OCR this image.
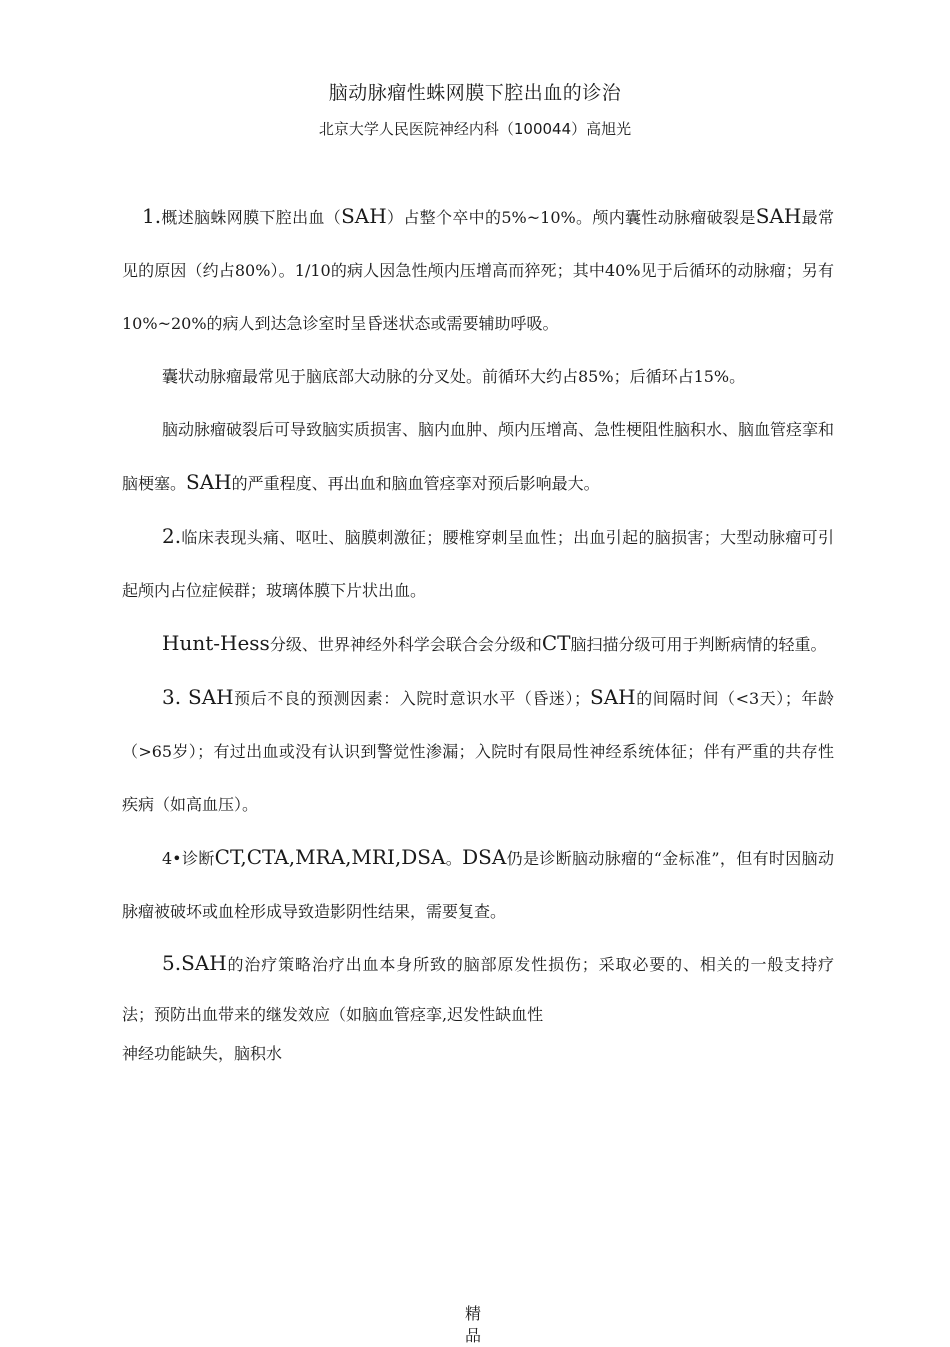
脑动脉瘤性蛛网膜下腔出血的诊治
北京大学人民医院神经内科（100044）高旭光

1.概述脑蛛网膜下腔出血（SAH）占整个卒中的5%~10%。颅内囊性动脉瘤破裂是SAH最常见的原因（约占80%）。1/10的病人因急性颅内压增高而猝死；其中40%见于后循环的动脉瘤；另有10%~20%的病人到达急诊室时呈昏迷状态或需要辅助呼吸。

囊状动脉瘤最常见于脑底部大动脉的分叉处。前循环大约占85%；后循环占15%。

脑动脉瘤破裂后可导致脑实质损害、脑内血肿、颅内压增高、急性梗阻性脑积水、脑血管痉挛和脑梗塞。SAH的严重程度、再出血和脑血管痉挛对预后影响最大。

2.临床表现头痛、呕吐、脑膜刺激征；腰椎穿刺呈血性；出血引起的脑损害；大型动脉瘤可引起颅内占位症候群；玻璃体膜下片状出血。

Hunt-Hess分级、世界神经外科学会联合会分级和CT脑扫描分级可用于判断病情的轻重。

3. SAH预后不良的预测因素：入院时意识水平（昏迷）；SAH的间隔时间（<3天）；年龄（>65岁）；有过出血或没有认识到警觉性渗漏；入院时有限局性神经系统体征；伴有严重的共存性疾病（如高血压）。

4•诊断CT,CTA,MRA,MRI,DSA。DSA仍是诊断脑动脉瘤的“金标准”，但有时因脑动脉瘤被破坏或血栓形成导致造影阴性结果，需要复查。

5.SAH的治疗策略治疗出血本身所致的脑部原发性损伤；采取必要的、相关的一般支持疗法；预防出血带来的继发效应（如脑血管痉挛,迟发性缺血性

神经功能缺失，脑积水

精品
